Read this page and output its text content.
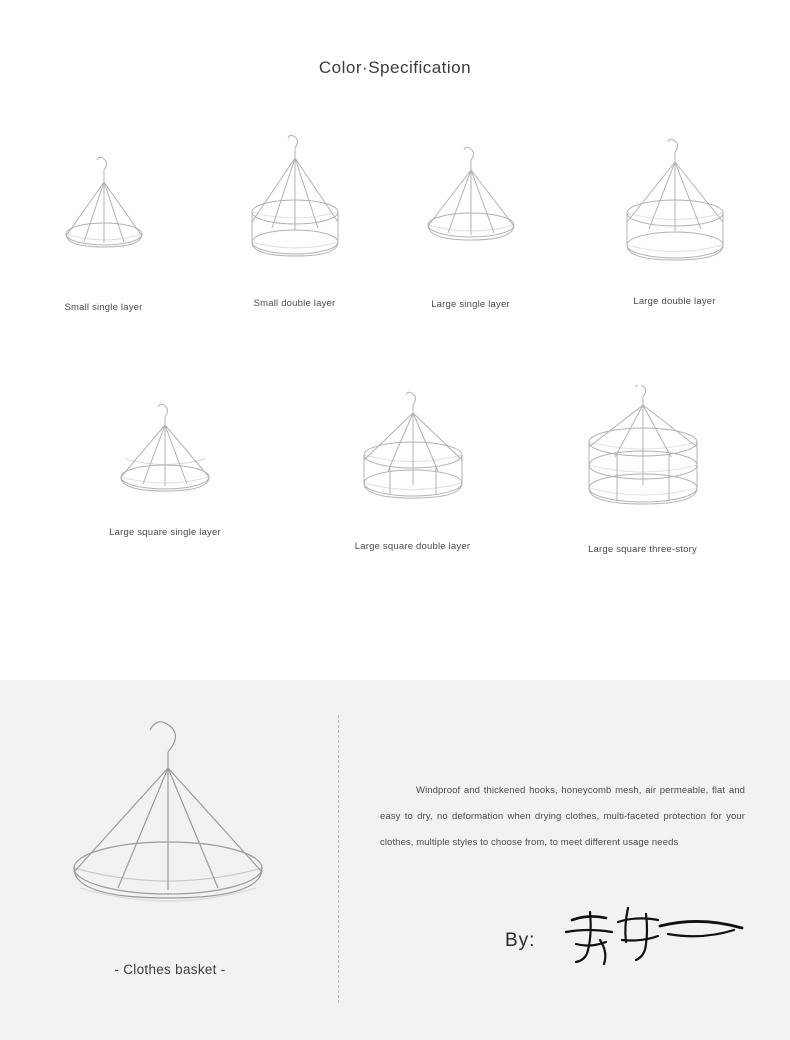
Color·Specification
Small single layer	Small double layer	Large single layer	Large double layer
Large square single layer
Large square double layer	Large square three-story
- Clothes basket -
Windproof and thickened hooks, honeycomb mesh, air permeable, flat and easy to dry, no deformation when drying clothes, multi-faceted protection for your clothes, multiple styles to choose from, to meet different usage needs
By:
